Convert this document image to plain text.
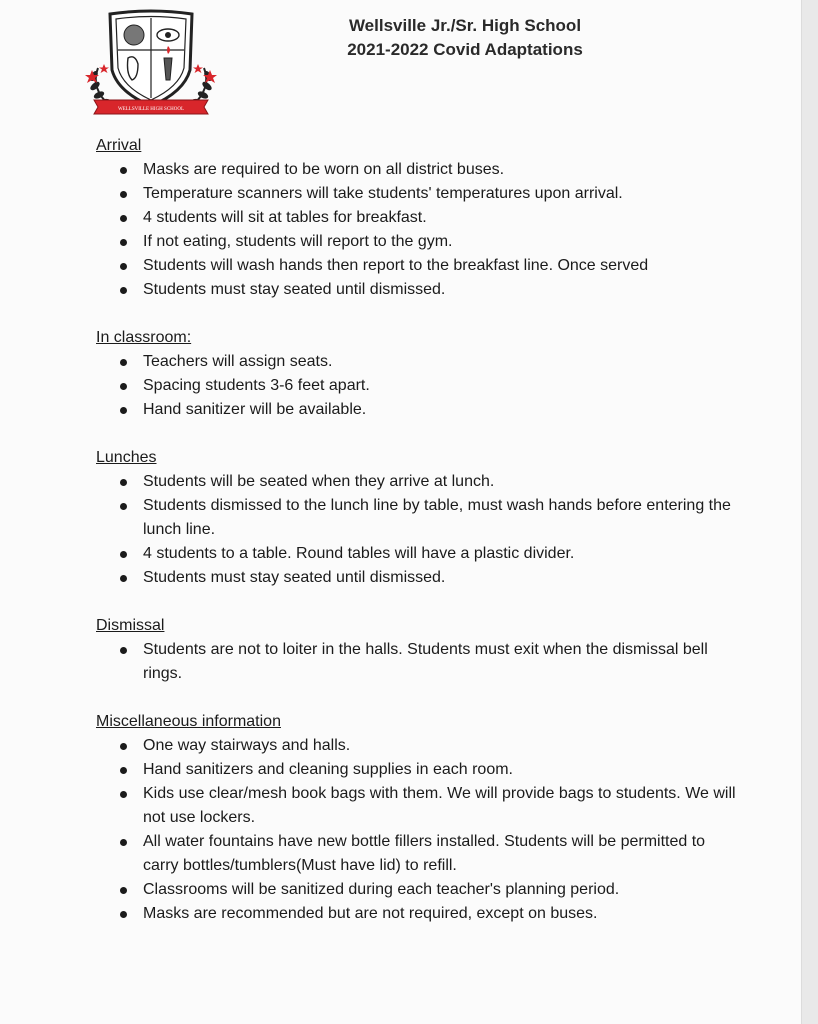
WELLSVILLE HIGH SCHOOL
Wellsville Jr./Sr. High School
2021-2022 Covid Adaptations
Arrival
Masks are required to be worn on all district buses.
Temperature scanners will take students' temperatures upon arrival.
4 students will sit at tables for breakfast.
If not eating, students will report to the gym.
Students will wash hands then report to the breakfast line. Once served
Students must stay seated until dismissed.
In classroom:
Teachers will assign seats.
Spacing students 3-6 feet apart.
Hand sanitizer will be available.
Lunches
Students will be seated when they arrive at lunch.
Students dismissed to the lunch line by table, must wash hands before entering the lunch line.
4 students to a table. Round tables will have a plastic divider.
Students must stay seated until dismissed.
Dismissal
Students are not to loiter in the halls. Students must exit when the dismissal bell rings.
Miscellaneous information
One way stairways and halls.
Hand sanitizers and cleaning supplies in each room.
Kids use clear/mesh book bags with them. We will provide bags to students. We will not use lockers.
All water fountains have new bottle fillers installed. Students will be permitted to carry bottles/tumblers(Must have lid) to refill.
Classrooms will be sanitized during each teacher's planning period.
Masks are recommended but are not required, except on buses.
